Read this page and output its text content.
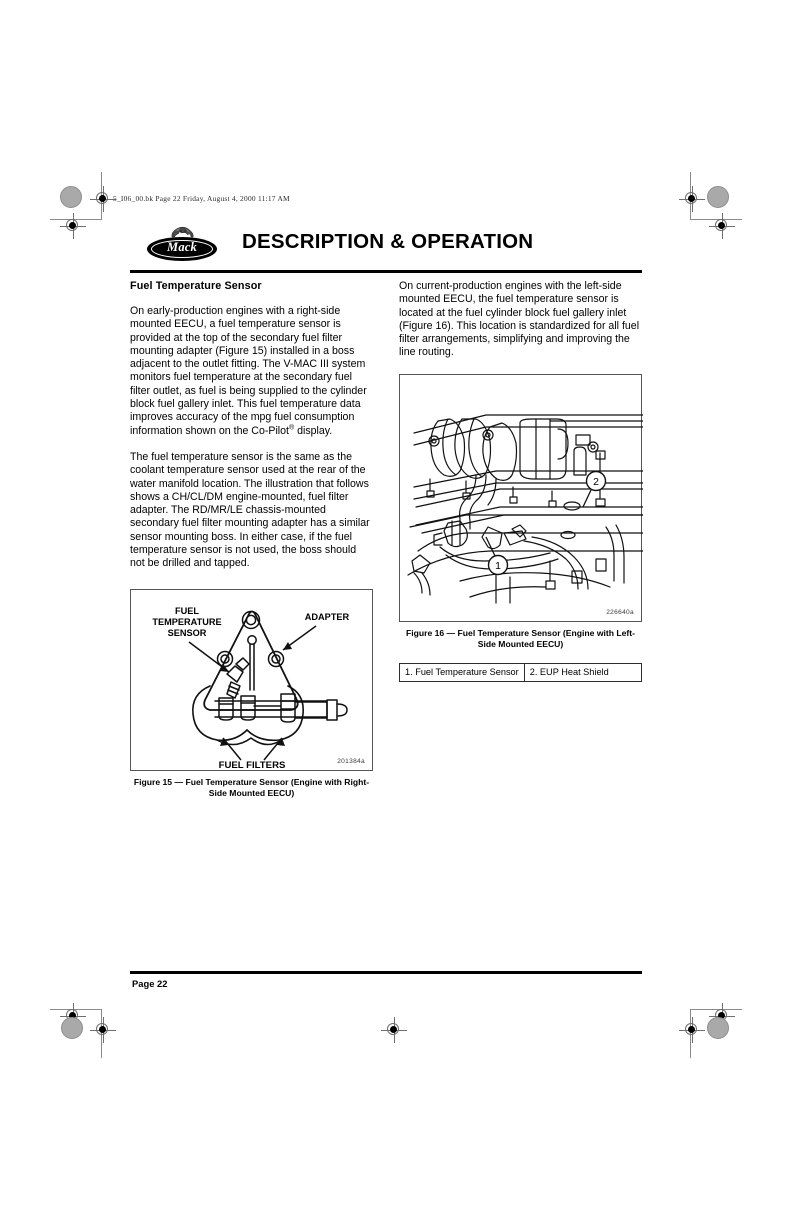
5_I06_00.bk Page 22 Friday, August 4, 2000 11:17 AM
Mack	DESCRIPTION & OPERATION
Fuel Temperature Sensor

On early-production engines with a right-side mounted EECU, a fuel temperature sensor is provided at the top of the secondary fuel filter mounting adapter (Figure 15) installed in a boss adjacent to the outlet fitting. The V-MAC III system monitors fuel temperature at the secondary fuel filter outlet, as fuel is being supplied to the cylinder block fuel gallery inlet. This fuel temperature data improves accuracy of the mpg fuel consumption information shown on the Co-Pilot® display.

The fuel temperature sensor is the same as the coolant temperature sensor used at the rear of the water manifold location. The illustration that follows shows a CH/CL/DM engine-mounted, fuel filter adapter. The RD/MR/LE chassis-mounted secondary fuel filter mounting adapter has a similar sensor mounting boss. In either case, if the fuel temperature sensor is not used, the boss should not be drilled and tapped.

FUEL
TEMPERATURE
SENSOR
ADAPTER
FUEL FILTERS	201384a
Figure 15 — Fuel Temperature Sensor (Engine with Right-Side Mounted EECU)

On current-production engines with the left-side mounted EECU, the fuel temperature sensor is located at the fuel cylinder block fuel gallery inlet (Figure 16). This location is standardized for all fuel filter arrangements, simplifying and improving the line routing.

1
2
226640a
Figure 16 — Fuel Temperature Sensor (Engine with Left-Side Mounted EECU)
1. Fuel Temperature Sensor	2. EUP Heat Shield
Page 22
